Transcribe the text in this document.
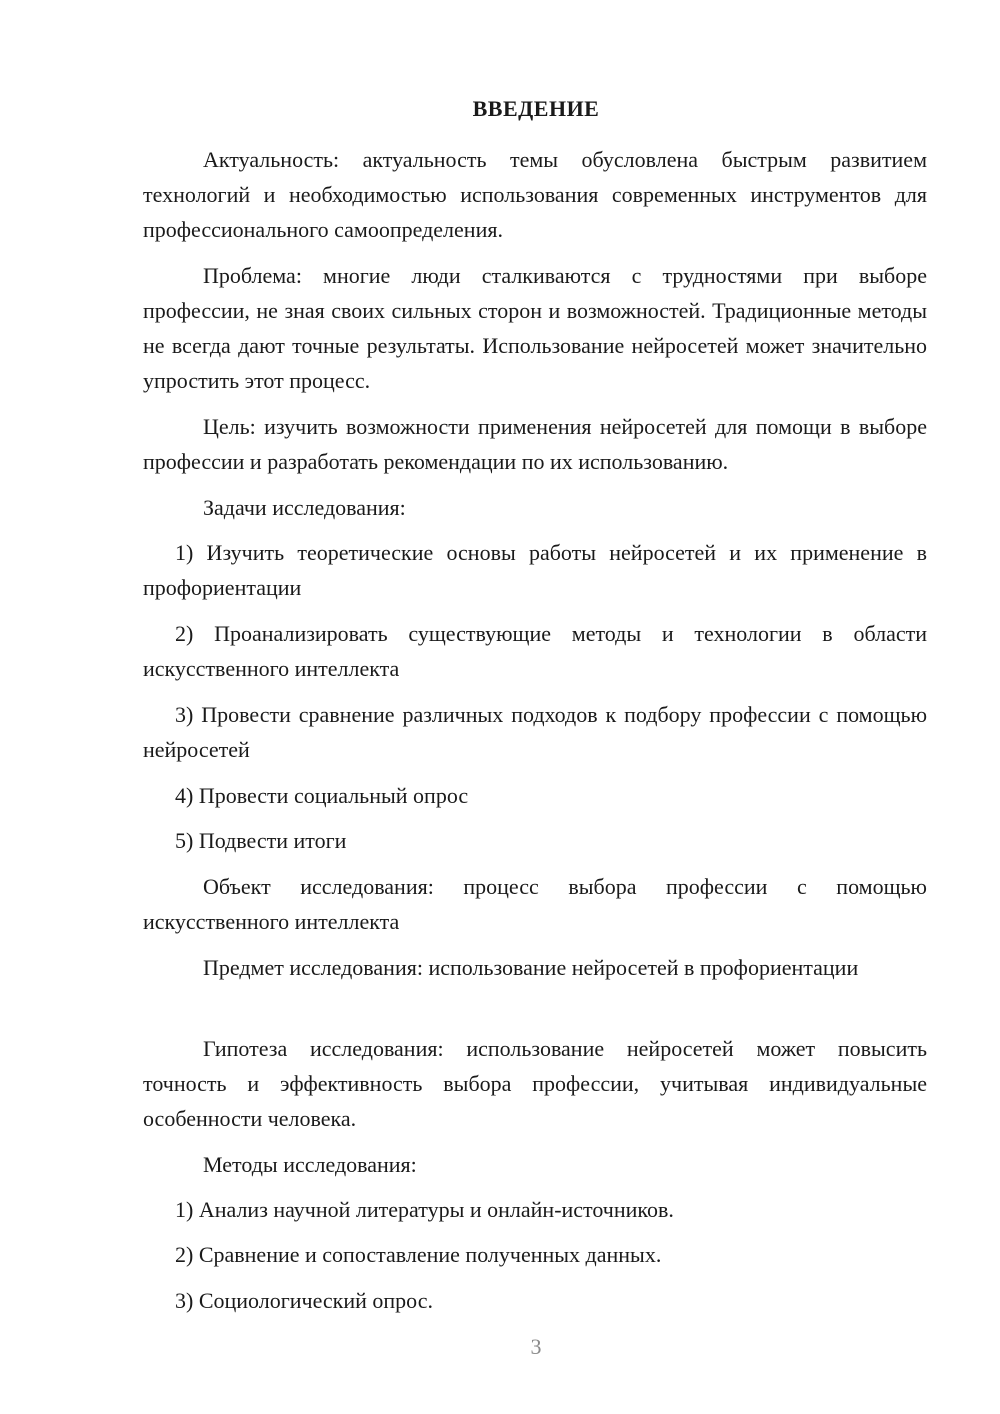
ВВЕДЕНИЕ

Актуальность: актуальность темы обусловлена быстрым развитием технологий и необходимостью использования современных инструментов для профессионального самоопределения.

Проблема: многие люди сталкиваются с трудностями при выборе профессии, не зная своих сильных сторон и возможностей. Традиционные методы не всегда дают точные результаты. Использование нейросетей может значительно упростить этот процесс.

Цель: изучить возможности применения нейросетей для помощи в выборе профессии и разработать рекомендации по их использованию.

Задачи исследования:

1) Изучить теоретические основы работы нейросетей и их применение в профориентации

2) Проанализировать существующие методы и технологии в области искусственного интеллекта

3) Провести сравнение различных подходов к подбору профессии с помощью нейросетей

4) Провести социальный опрос

5) Подвести итоги

Объект исследования: процесс выбора профессии с помощью искусственного интеллекта

Предмет исследования: использование нейросетей в профориентации

Гипотеза исследования: использование нейросетей может повысить точность и эффективность выбора профессии, учитывая индивидуальные особенности человека.

Методы исследования:

1) Анализ научной литературы и онлайн-источников.

2) Сравнение и сопоставление полученных данных.

3) Социологический опрос.

3
